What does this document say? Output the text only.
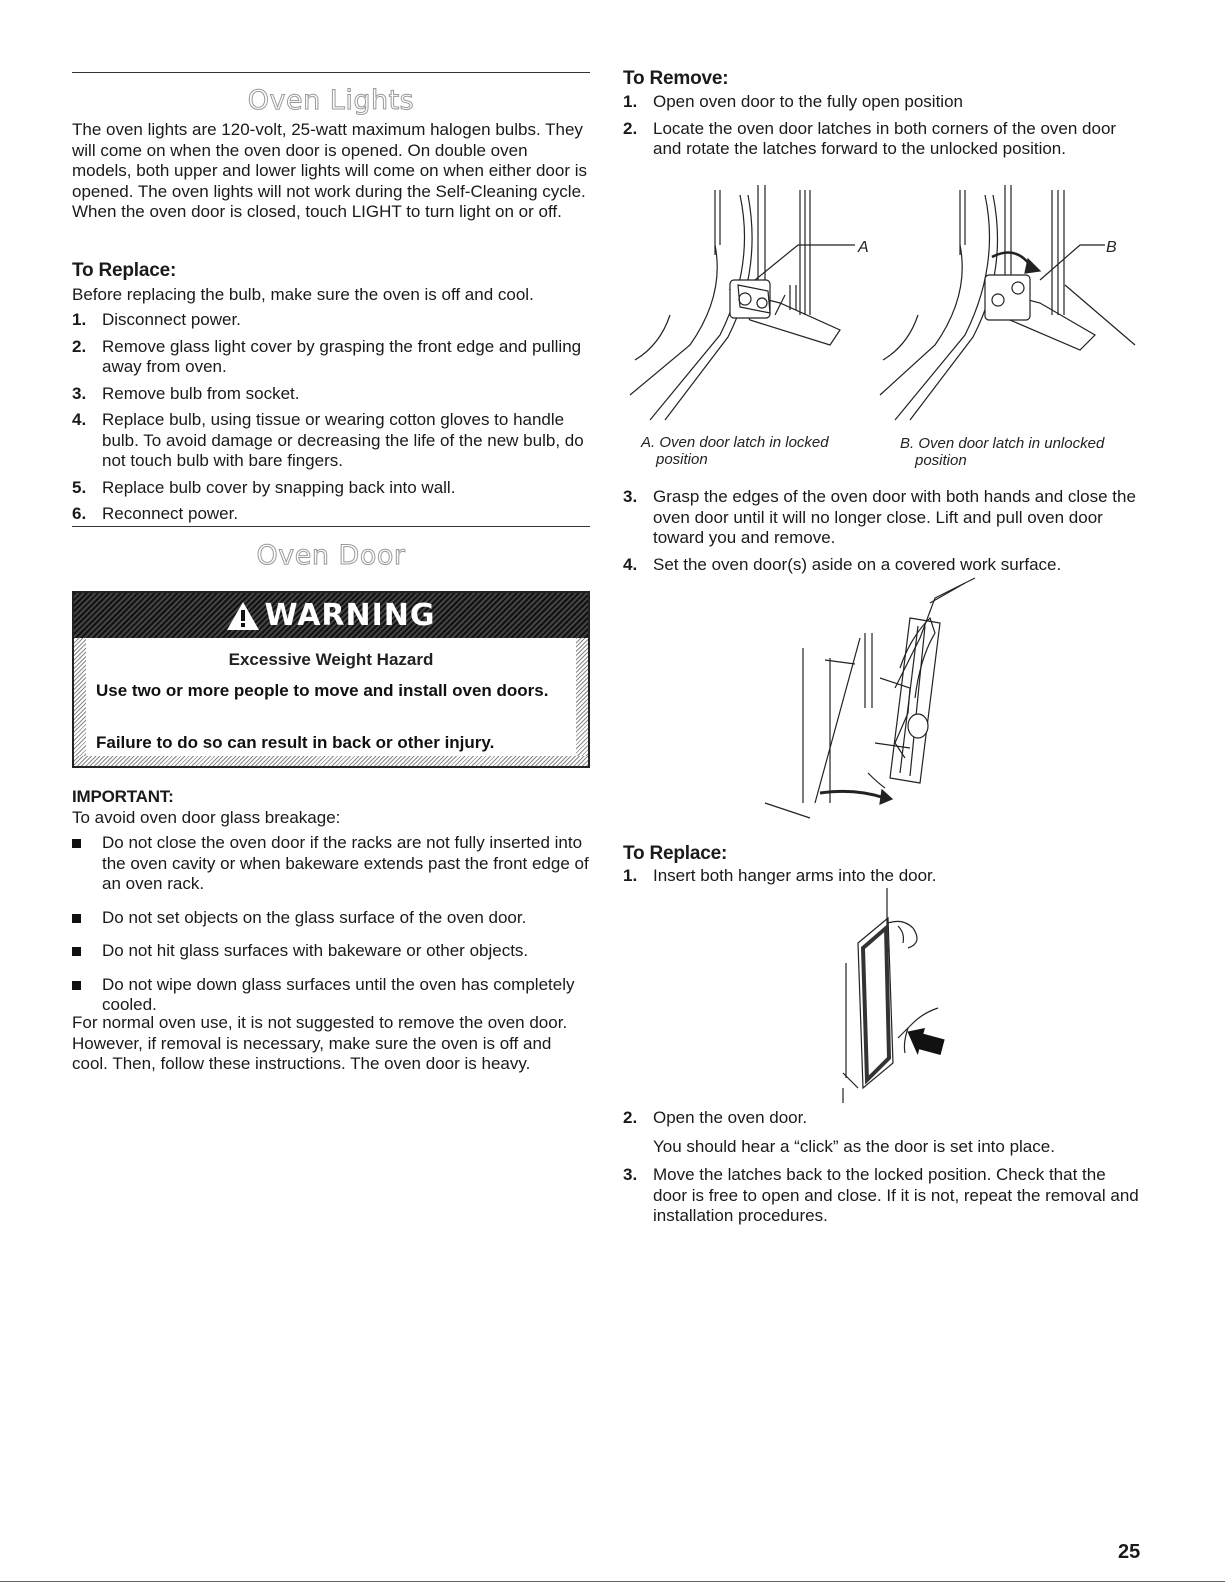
Oven Lights
The oven lights are 120-volt, 25-watt maximum halogen bulbs. They will come on when the oven door is opened. On double oven models, both upper and lower lights will come on when either door is opened. The oven lights will not work during the Self-Cleaning cycle. When the oven door is closed, touch LIGHT to turn light on or off.
To Replace:
Before replacing the bulb, make sure the oven is off and cool.
1. Disconnect power.
2. Remove glass light cover by grasping the front edge and pulling away from oven.
3. Remove bulb from socket.
4. Replace bulb, using tissue or wearing cotton gloves to handle bulb. To avoid damage or decreasing the life of the new bulb, do not touch bulb with bare fingers.
5. Replace bulb cover by snapping back into wall.
6. Reconnect power.
Oven Door
WARNING
Excessive Weight Hazard
Use two or more people to move and install oven doors.
Failure to do so can result in back or other injury.
IMPORTANT:
To avoid oven door glass breakage:
Do not close the oven door if the racks are not fully inserted into the oven cavity or when bakeware extends past the front edge of an oven rack.
Do not set objects on the glass surface of the oven door.
Do not hit glass surfaces with bakeware or other objects.
Do not wipe down glass surfaces until the oven has completely cooled.
For normal oven use, it is not suggested to remove the oven door. However, if removal is necessary, make sure the oven is off and cool. Then, follow these instructions. The oven door is heavy.
To Remove:
1. Open oven door to the fully open position
2. Locate the oven door latches in both corners of the oven door and rotate the latches forward to the unlocked position.
A	B
A. Oven door latch in locked
position
B. Oven door latch in unlocked
position
3. Grasp the edges of the oven door with both hands and close the oven door until it will no longer close. Lift and pull oven door toward you and remove.
4. Set the oven door(s) aside on a covered work surface.
To Replace:
1. Insert both hanger arms into the door.
2. Open the oven door.
You should hear a “click” as the door is set into place.
3. Move the latches back to the locked position. Check that the door is free to open and close. If it is not, repeat the removal and installation procedures.
25
